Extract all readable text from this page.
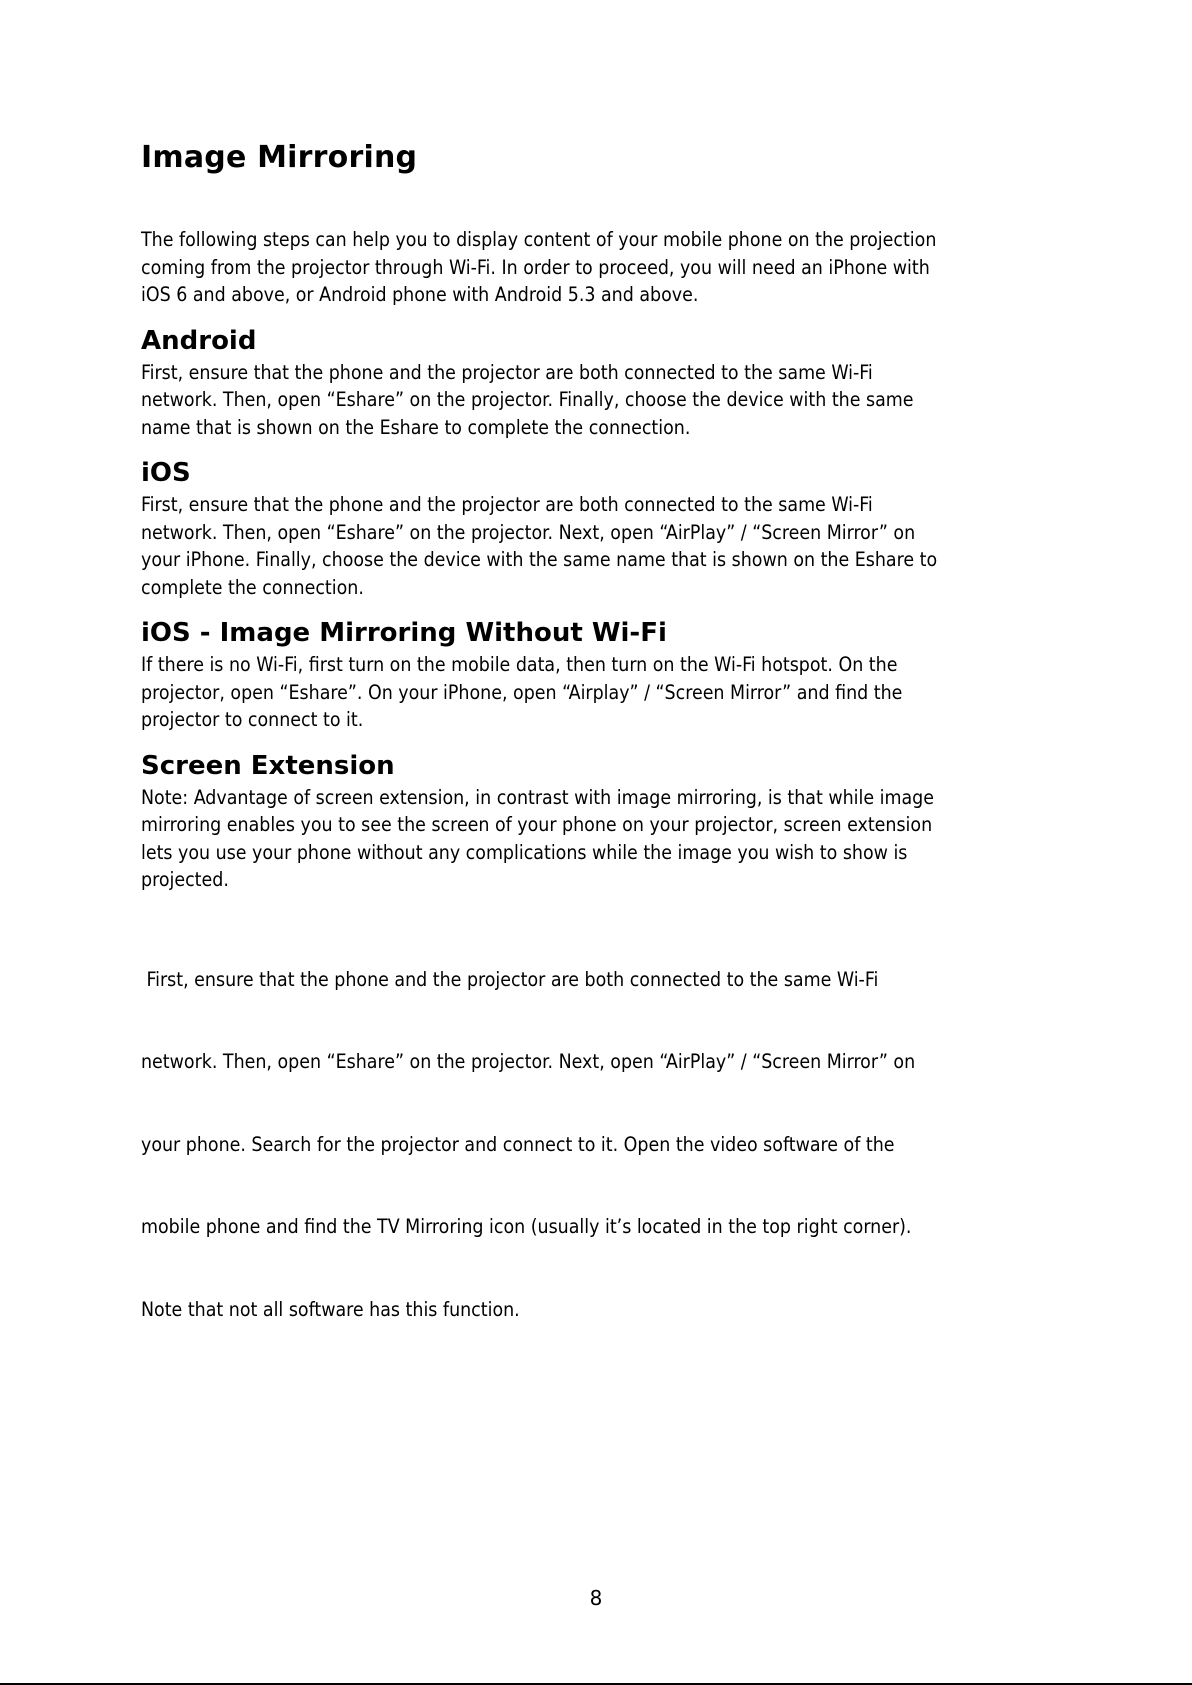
Image Mirroring
The following steps can help you to display content of your mobile phone on the projection
coming from the projector through Wi-Fi. In order to proceed, you will need an iPhone with
iOS 6 and above, or Android phone with Android 5.3 and above.
Android
First, ensure that the phone and the projector are both connected to the same Wi-Fi
network. Then, open “Eshare” on the projector. Finally, choose the device with the same
name that is shown on the Eshare to complete the connection.
iOS
First, ensure that the phone and the projector are both connected to the same Wi-Fi
network. Then, open “Eshare” on the projector. Next, open “AirPlay” / “Screen Mirror” on
your iPhone. Finally, choose the device with the same name that is shown on the Eshare to
complete the connection.
iOS - Image Mirroring Without Wi-Fi
If there is no Wi-Fi, first turn on the mobile data, then turn on the Wi-Fi hotspot. On the
projector, open “Eshare”. On your iPhone, open “Airplay” / “Screen Mirror” and find the
projector to connect to it.
Screen Extension
Note: Advantage of screen extension, in contrast with image mirroring, is that while image
mirroring enables you to see the screen of your phone on your projector, screen extension
lets you use your phone without any complications while the image you wish to show is
projected.

First, ensure that the phone and the projector are both connected to the same Wi-Fi

network. Then, open “Eshare” on the projector. Next, open “AirPlay” / “Screen Mirror” on

your phone. Search for the projector and connect to it. Open the video software of the

mobile phone and find the TV Mirroring icon (usually it’s located in the top right corner).

Note that not all software has this function.

8
